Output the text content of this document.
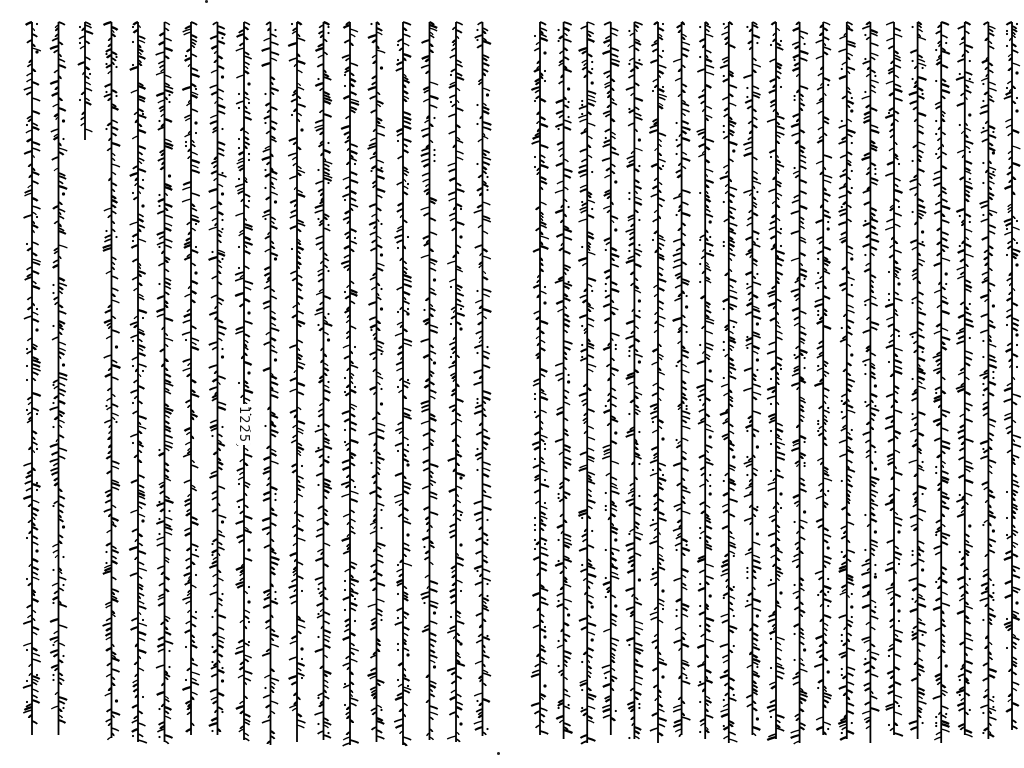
1225
